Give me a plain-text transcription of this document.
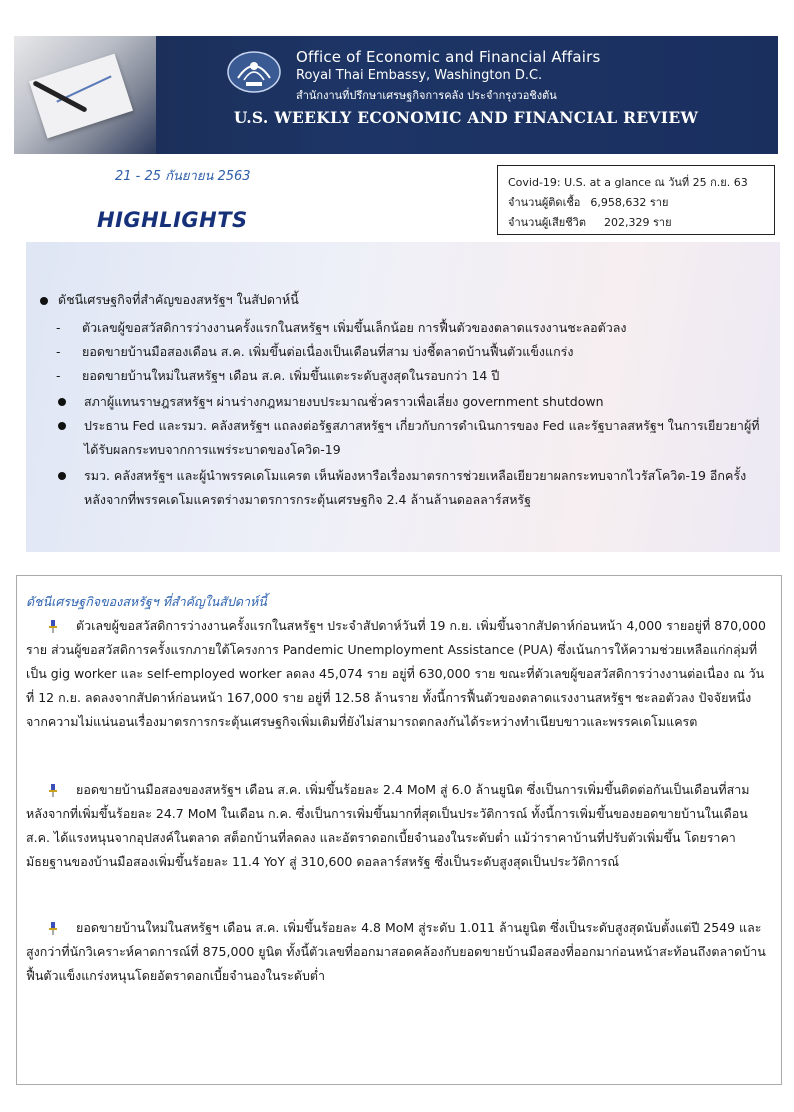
Office of Economic and Financial Affairs
Royal Thai Embassy, Washington D.C.
สำนักงานที่ปรึกษาเศรษฐกิจการคลัง ประจำกรุงวอชิงตัน
U.S. WEEKLY ECONOMIC AND FINANCIAL REVIEW
21 - 25 กันยายน 2563
HIGHLIGHTS
Covid-19: U.S. at a glance ณ วันที่ 25 ก.ย. 63
จำนวนผู้ติดเชื้อ 6,958,632 ราย
จำนวนผู้เสียชีวิต 202,329 ราย
ดัชนีเศรษฐกิจที่สำคัญของสหรัฐฯ ในสัปดาห์นี้
- ตัวเลขผู้ขอสวัสดิการว่างงานครั้งแรกในสหรัฐฯ เพิ่มขึ้นเล็กน้อย การฟื้นตัวของตลาดแรงงานชะลอตัวลง
- ยอดขายบ้านมือสองเดือน ส.ค. เพิ่มขึ้นต่อเนื่องเป็นเดือนที่สาม บ่งชี้ตลาดบ้านฟื้นตัวแข็งแกร่ง
- ยอดขายบ้านใหม่ในสหรัฐฯ เดือน ส.ค. เพิ่มขึ้นแตะระดับสูงสุดในรอบกว่า 14 ปี
สภาผู้แทนราษฎรสหรัฐฯ ผ่านร่างกฎหมายงบประมาณชั่วคราวเพื่อเลี่ยง government shutdown
ประธาน Fed และรมว. คลังสหรัฐฯ แถลงต่อรัฐสภาสหรัฐฯ เกี่ยวกับการดำเนินการของ Fed และรัฐบาลสหรัฐฯ ในการเยียวยาผู้ที่ได้รับผลกระทบจากการแพร่ระบาดของโควิด-19
รมว. คลังสหรัฐฯ และผู้นำพรรคเดโมแครต เห็นพ้องหารือเรื่องมาตรการช่วยเหลือเยียวยาผลกระทบจากไวรัสโควิด-19 อีกครั้ง หลังจากที่พรรคเดโมแครตร่างมาตรการกระตุ้นเศรษฐกิจ 2.4 ล้านล้านดอลลาร์สหรัฐ
ดัชนีเศรษฐกิจของสหรัฐฯ ที่สำคัญในสัปดาห์นี้
ตัวเลขผู้ขอสวัสดิการว่างงานครั้งแรกในสหรัฐฯ ประจำสัปดาห์วันที่ 19 ก.ย. เพิ่มขึ้นจากสัปดาห์ก่อนหน้า 4,000 รายอยู่ที่ 870,000 ราย ส่วนผู้ขอสวัสดิการครั้งแรกภายใต้โครงการ Pandemic Unemployment Assistance (PUA) ซึ่งเน้นการให้ความช่วยเหลือแก่กลุ่มที่เป็น gig worker และ self-employed worker ลดลง 45,074 ราย อยู่ที่ 630,000 ราย ขณะที่ตัวเลขผู้ขอสวัสดิการว่างงานต่อเนื่อง ณ วันที่ 12 ก.ย. ลดลงจากสัปดาห์ก่อนหน้า 167,000 ราย อยู่ที่ 12.58 ล้านราย ทั้งนี้การฟื้นตัวของตลาดแรงงานสหรัฐฯ ชะลอตัวลง ปัจจัยหนึ่งจากความไม่แน่นอนเรื่องมาตรการกระตุ้นเศรษฐกิจเพิ่มเติมที่ยังไม่สามารถตกลงกันได้ระหว่างทำเนียบขาวและพรรคเดโมแครต
ยอดขายบ้านมือสองของสหรัฐฯ เดือน ส.ค. เพิ่มขึ้นร้อยละ 2.4 MoM สู่ 6.0 ล้านยูนิต ซึ่งเป็นการเพิ่มขึ้นติดต่อกันเป็นเดือนที่สาม หลังจากที่เพิ่มขึ้นร้อยละ 24.7 MoM ในเดือน ก.ค. ซึ่งเป็นการเพิ่มขึ้นมากที่สุดเป็นประวัติการณ์ ทั้งนี้การเพิ่มขึ้นของยอดขายบ้านในเดือน ส.ค. ได้แรงหนุนจากอุปสงค์ในตลาด สต็อกบ้านที่ลดลง และอัตราดอกเบี้ยจำนองในระดับต่ำ แม้ว่าราคาบ้านที่ปรับตัวเพิ่มขึ้น โดยราคามัธยฐานของบ้านมือสองเพิ่มขึ้นร้อยละ 11.4 YoY สู่ 310,600 ดอลลาร์สหรัฐ ซึ่งเป็นระดับสูงสุดเป็นประวัติการณ์
ยอดขายบ้านใหม่ในสหรัฐฯ เดือน ส.ค. เพิ่มขึ้นร้อยละ 4.8 MoM สู่ระดับ 1.011 ล้านยูนิต ซึ่งเป็นระดับสูงสุดนับตั้งแต่ปี 2549 และสูงกว่าที่นักวิเคราะห์คาดการณ์ที่ 875,000 ยูนิต ทั้งนี้ตัวเลขที่ออกมาสอดคล้องกับยอดขายบ้านมือสองที่ออกมาก่อนหน้าสะท้อนถึงตลาดบ้านฟื้นตัวแข็งแกร่งหนุนโดยอัตราดอกเบี้ยจำนองในระดับต่ำ
